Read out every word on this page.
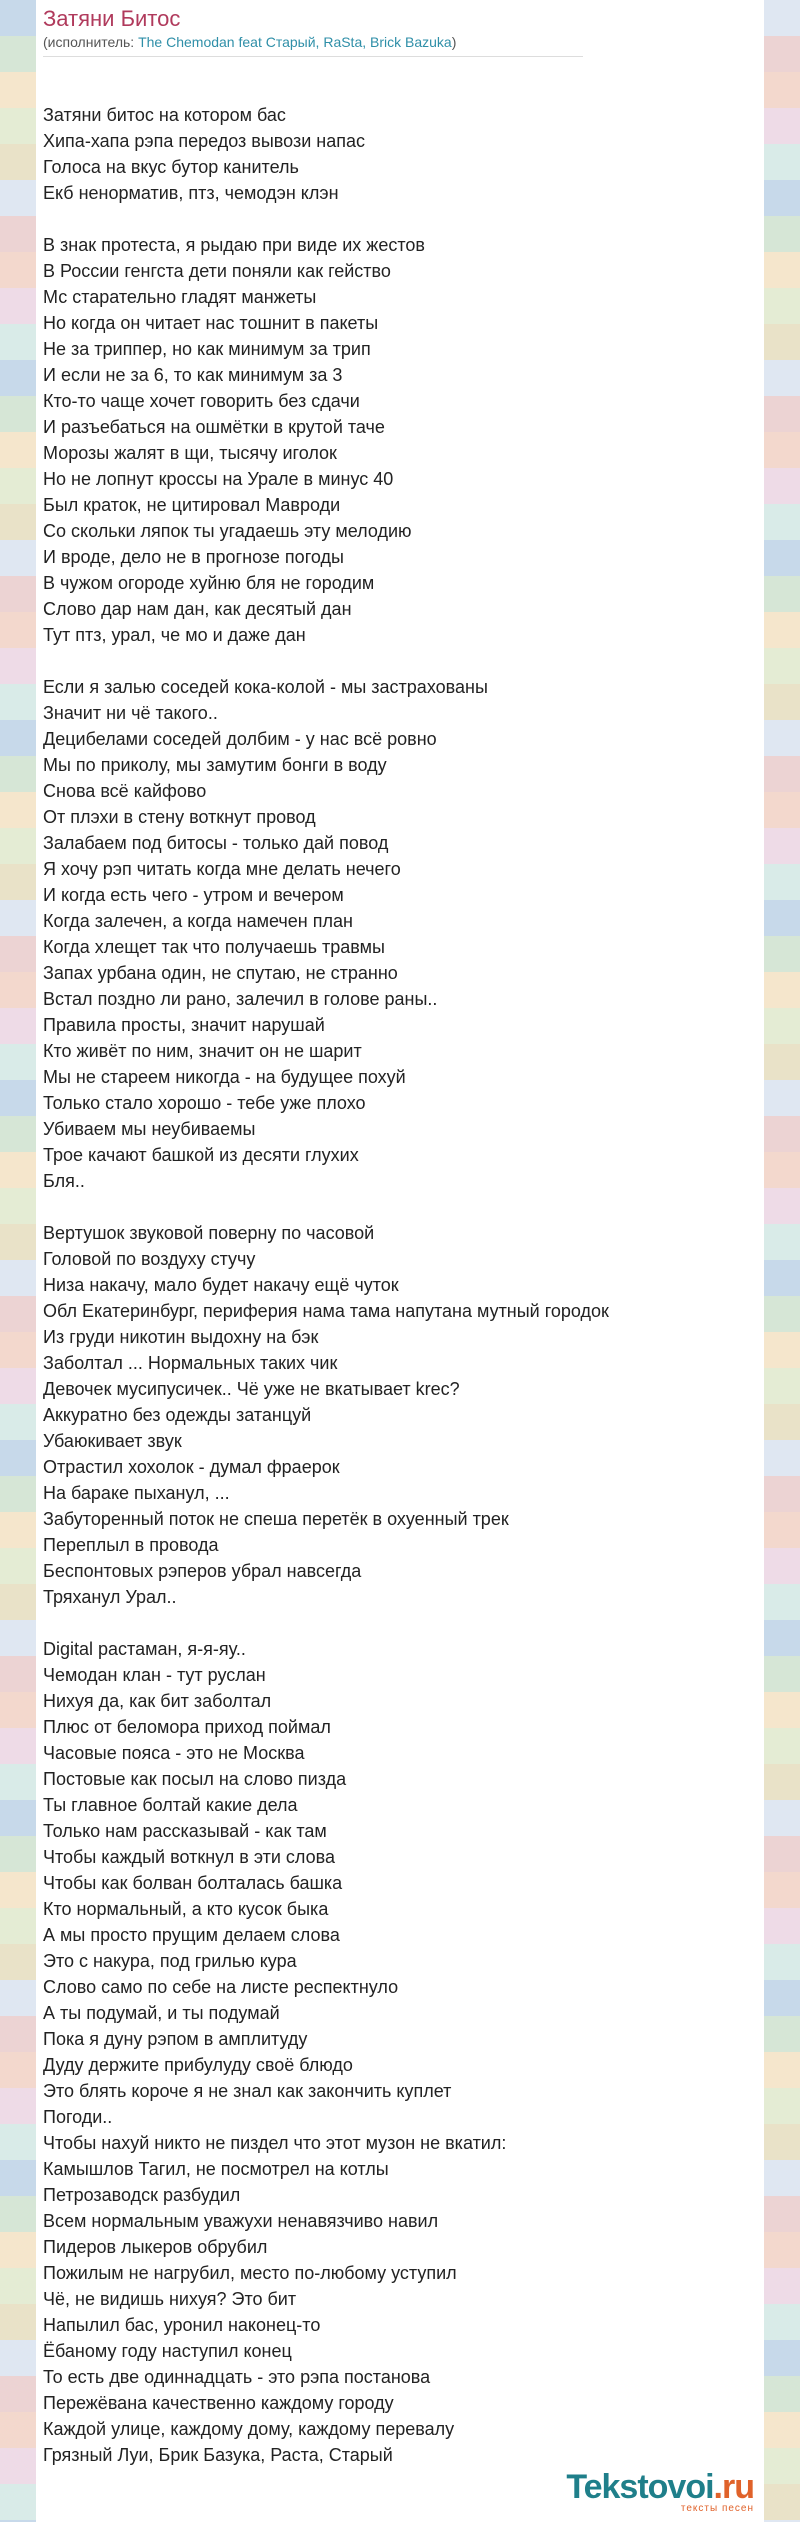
Затяни Битос
(исполнитель: The Chemodan feat Старый, RaSta, Brick Bazuka)
Затяни битос на котором бас
Хипа-хапа рэпа передоз вывози напас
Голоса на вкус бутор канитель
Екб ненорматив, птз, чемодэн клэн
В знак протеста, я рыдаю при виде их жестов
В России генгста дети поняли как гейство
Мс старательно гладят манжеты
Но когда он читает нас тошнит в пакеты
Не за триппер, но как минимум за трип
И если не за 6, то как минимум за 3
Кто-то чаще хочет говорить без сдачи
И разъебаться на ошмётки в крутой тачe
Морозы жалят в щи, тысячу иголок
Но не лопнут кроссы на Урале в минус 40
Был краток, не цитировал Мавроди
Со скольки ляпок ты угадаешь эту мелодию
И вроде, дело не в прогнозе погоды
В чужом огороде хуйню бля не городим
Слово дар нам дан, как десятый дан
Тут птз, урал, че мо и даже дан
Если я залью соседей кока-колой - мы застрахованы
Значит ни чё такого..
Децибелами соседей долбим - у нас всё ровно
Мы по приколу, мы замутим бонги в воду
Снова всё кайфово
От плэхи в стену воткнут провод
Залабаем под битосы - только дай повод
Я хочу рэп читать когда мне делать нечего
И когда есть чего - утром и вечером
Когда залечен, а когда намечен план
Когда хлещет так что получаешь травмы
Запах урбана один, не спутаю, не странно
Встал поздно ли рано, залечил в голове раны..
Правила просты, значит нарушай
Кто живёт по ним, значит он не шарит
Мы не стареем никогда - на будущее похуй
Только стало хорошо - тебе уже плохо
Убиваем мы неубиваемы
Трое качают башкой из десяти глухих
Бля..
Вертушок звуковой поверну по часовой
Головой по воздуху стучу
Низа накачу, мало будет накачу ещё чуток
Обл Екатеринбург, периферия нама тама напутана мутный городок
Из груди никотин выдохну на бэк
Заболтал ... Нормальных таких чик
Девочек мусипусичек.. Чё уже не вкатывает krec?
Аккуратно без одежды затанцуй
Убаюкивает звук
Отрастил хохолок - думал фраерок
На бараке пыханул, ...
Забуторенный поток не спеша перетёк в охуенный трек
Переплыл в провода
Беспонтовых рэперов убрал навсегда
Тряханул Урал..
Digital растаман, я-я-яу..
Чемодан клан - тут руслан
Нихуя да, как бит заболтал
Плюс от беломора приход поймал
Часовые пояса - это не Москва
Постовые как посыл на слово пизда
Ты главное болтай какие дела
Только нам рассказывай - как там
Чтобы каждый воткнул в эти слова
Чтобы как болван болталась башка
Кто нормальный, а кто кусок быка
А мы просто прущим делаем слова
Это с накура, под грилью кура
Слово само по себе на листе респектнуло
А ты подумай, и ты подумай
Пока я дуну рэпом в амплитуду
Дуду держите прибулуду своё блюдо
Это блять короче я не знал как закончить куплет
Погоди..
Чтобы нахуй никто не пиздел что этот музон не вкатил:
Камышлов Тагил, не посмотрел на котлы
Петрозаводск разбудил
Всем нормальным уважухи ненавязчиво навил
Пидеров лыкеров обрубил
Пожилым не нагрубил, место по-любому уступил
Чё, не видишь нихуя? Это бит
Напылил бас, уронил наконец-то
Ёбаному году наступил конец
То есть две одиннадцать - это рэпа постанова
Пережёвана качественно каждому городу
Каждой улице, каждому дому, каждому перевалу
Грязный Луи, Брик Базука, Раста, Старый
Tekstovoi.ru
тексты песен
